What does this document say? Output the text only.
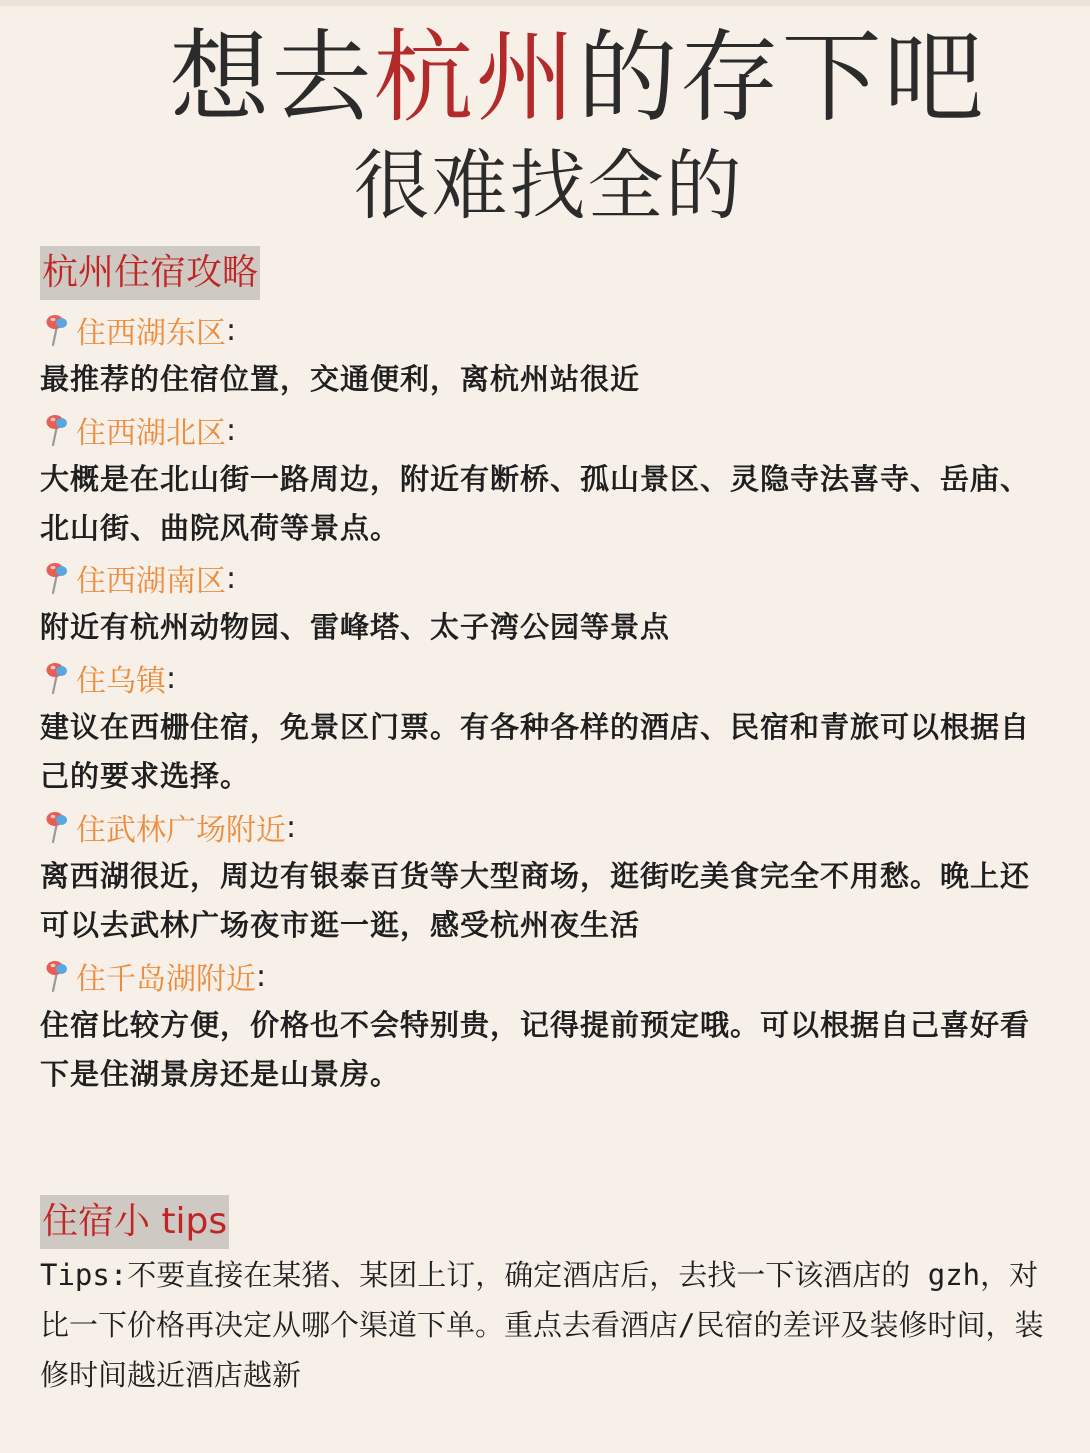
想去杭州的存下吧
很难找全的
杭州住宿攻略
住西湖东区 :
最推荐的住宿位置，交通便利，离杭州站很近
住西湖北区 :
大概是在北山街一路周边，附近有断桥、孤山景区、灵隐寺法喜寺、岳庙、北山街、曲院风荷等景点。
住西湖南区 :
附近有杭州动物园、雷峰塔、太子湾公园等景点
住乌镇 :
建议在西栅住宿，免景区门票。有各种各样的酒店、民宿和青旅可以根据自己的要求选择。
住武林广场附近 :
离西湖很近，周边有银泰百货等大型商场，逛街吃美食完全不用愁。晚上还可以去武林广场夜市逛一逛，感受杭州夜生活
住千岛湖附近 :
住宿比较方便，价格也不会特别贵，记得提前预定哦。可以根据自己喜好看下是住湖景房还是山景房。
住宿小 tips
Tips:不要直接在某猪、某团上订，确定酒店后，去找一下该酒店的 gzh，对比一下价格再决定从哪个渠道下单。重点去看酒店/民宿的差评及装修时间，装修时间越近酒店越新
